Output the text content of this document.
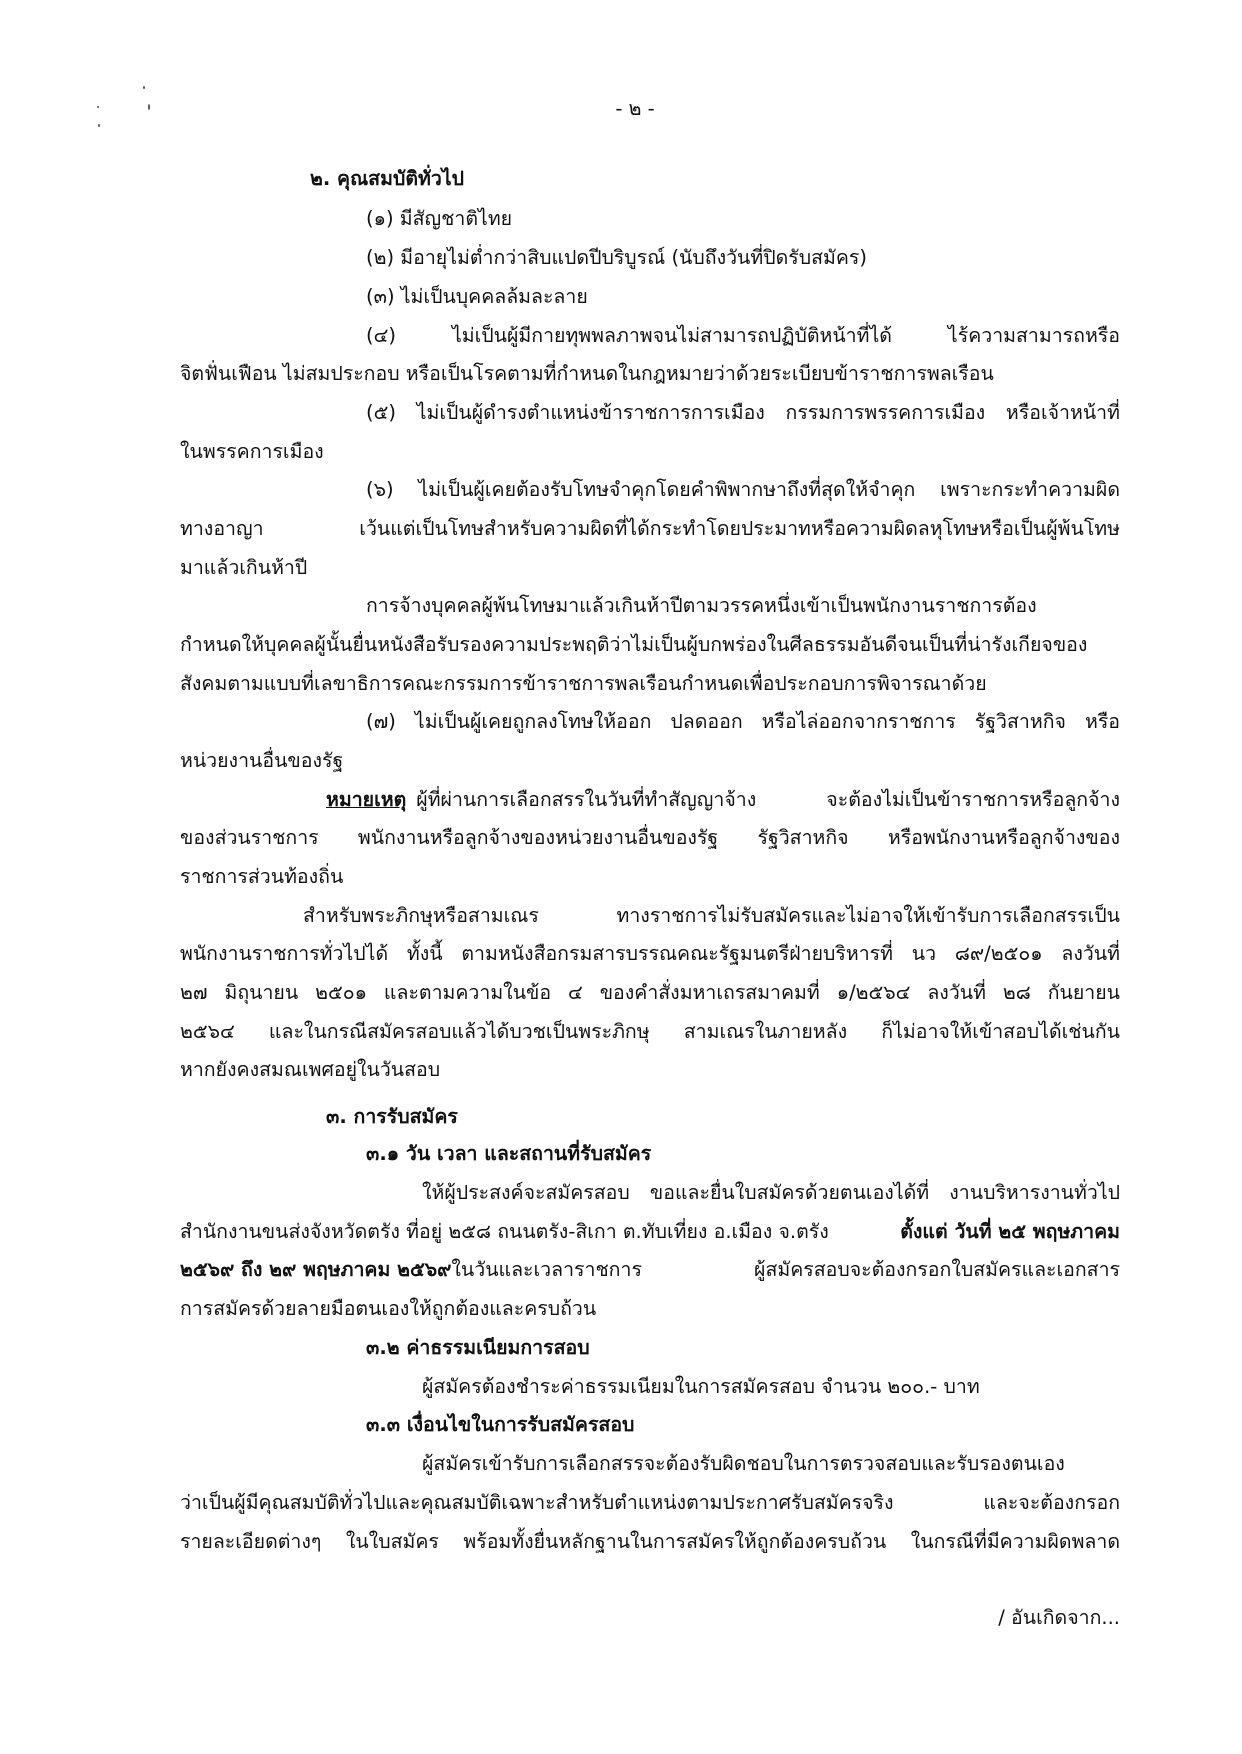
- ๒ -
๒. คุณสมบัติทั่วไป
(๑) มีสัญชาติไทย
(๒) มีอายุไม่ต่ำกว่าสิบแปดปีบริบูรณ์ (นับถึงวันที่ปิดรับสมัคร)
(๓) ไม่เป็นบุคคลล้มละลาย
(๔) ไม่เป็นผู้มีกายทุพพลภาพจนไม่สามารถปฏิบัติหน้าที่ได้ ไร้ความสามารถหรือ
จิตฟั่นเฟือน ไม่สมประกอบ หรือเป็นโรคตามที่กำหนดในกฎหมายว่าด้วยระเบียบข้าราชการพลเรือน
(๕) ไม่เป็นผู้ดำรงตำแหน่งข้าราชการการเมือง กรรมการพรรคการเมือง หรือเจ้าหน้าที่
ในพรรคการเมือง
(๖) ไม่เป็นผู้เคยต้องรับโทษจำคุกโดยคำพิพากษาถึงที่สุดให้จำคุก เพราะกระทำความผิด
ทางอาญา เว้นแต่เป็นโทษสำหรับความผิดที่ได้กระทำโดยประมาทหรือความผิดลหุโทษหรือเป็นผู้พ้นโทษ
มาแล้วเกินห้าปี
การจ้างบุคคลผู้พ้นโทษมาแล้วเกินห้าปีตามวรรคหนึ่งเข้าเป็นพนักงานราชการต้อง
กำหนดให้บุคคลผู้นั้นยื่นหนังสือรับรองความประพฤติว่าไม่เป็นผู้บกพร่องในศีลธรรมอันดีจนเป็นที่น่ารังเกียจของ
สังคมตามแบบที่เลขาธิการคณะกรรมการข้าราชการพลเรือนกำหนดเพื่อประกอบการพิจารณาด้วย
(๗) ไม่เป็นผู้เคยถูกลงโทษให้ออก ปลดออก หรือไล่ออกจากราชการ รัฐวิสาหกิจ หรือ
หน่วยงานอื่นของรัฐ
หมายเหตุ ผู้ที่ผ่านการเลือกสรรในวันที่ทำสัญญาจ้าง จะต้องไม่เป็นข้าราชการหรือลูกจ้าง
ของส่วนราชการ พนักงานหรือลูกจ้างของหน่วยงานอื่นของรัฐ รัฐวิสาหกิจ หรือพนักงานหรือลูกจ้างของ
ราชการส่วนท้องถิ่น
สำหรับพระภิกษุหรือสามเณร ทางราชการไม่รับสมัครและไม่อาจให้เข้ารับการเลือกสรรเป็น
พนักงานราชการทั่วไปได้ ทั้งนี้ ตามหนังสือกรมสารบรรณคณะรัฐมนตรีฝ่ายบริหารที่ นว ๘๙/๒๕๐๑ ลงวันที่
๒๗ มิถุนายน ๒๕๐๑ และตามความในข้อ ๔ ของคำสั่งมหาเถรสมาคมที่ ๑/๒๕๖๔ ลงวันที่ ๒๘ กันยายน
๒๕๖๔ และในกรณีสมัครสอบแล้วได้บวชเป็นพระภิกษุ สามเณรในภายหลัง ก็ไม่อาจให้เข้าสอบได้เช่นกัน
หากยังคงสมณเพศอยู่ในวันสอบ
๓. การรับสมัคร
๓.๑ วัน เวลา และสถานที่รับสมัคร
ให้ผู้ประสงค์จะสมัครสอบ ขอและยื่นใบสมัครด้วยตนเองได้ที่ งานบริหารงานทั่วไป
สำนักงานขนส่งจังหวัดตรัง ที่อยู่ ๒๕๘ ถนนตรัง-สิเกา ต.ทับเที่ยง อ.เมือง จ.ตรัง	ตั้งแต่ วันที่ ๒๕ พฤษภาคม
๒๕๖๙ ถึง ๒๙ พฤษภาคม ๒๕๖๙ ในวันและเวลาราชการ ผู้สมัครสอบจะต้องกรอกใบสมัครและเอกสาร
การสมัครด้วยลายมือตนเองให้ถูกต้องและครบถ้วน
๓.๒ ค่าธรรมเนียมการสอบ
ผู้สมัครต้องชำระค่าธรรมเนียมในการสมัครสอบ จำนวน ๒๐๐.- บาท
๓.๓ เงื่อนไขในการรับสมัครสอบ
ผู้สมัครเข้ารับการเลือกสรรจะต้องรับผิดชอบในการตรวจสอบและรับรองตนเอง
ว่าเป็นผู้มีคุณสมบัติทั่วไปและคุณสมบัติเฉพาะสำหรับตำแหน่งตามประกาศรับสมัครจริง และจะต้องกรอก
รายละเอียดต่างๆ ในใบสมัคร พร้อมทั้งยื่นหลักฐานในการสมัครให้ถูกต้องครบถ้วน ในกรณีที่มีความผิดพลาด
/ อันเกิดจาก...
